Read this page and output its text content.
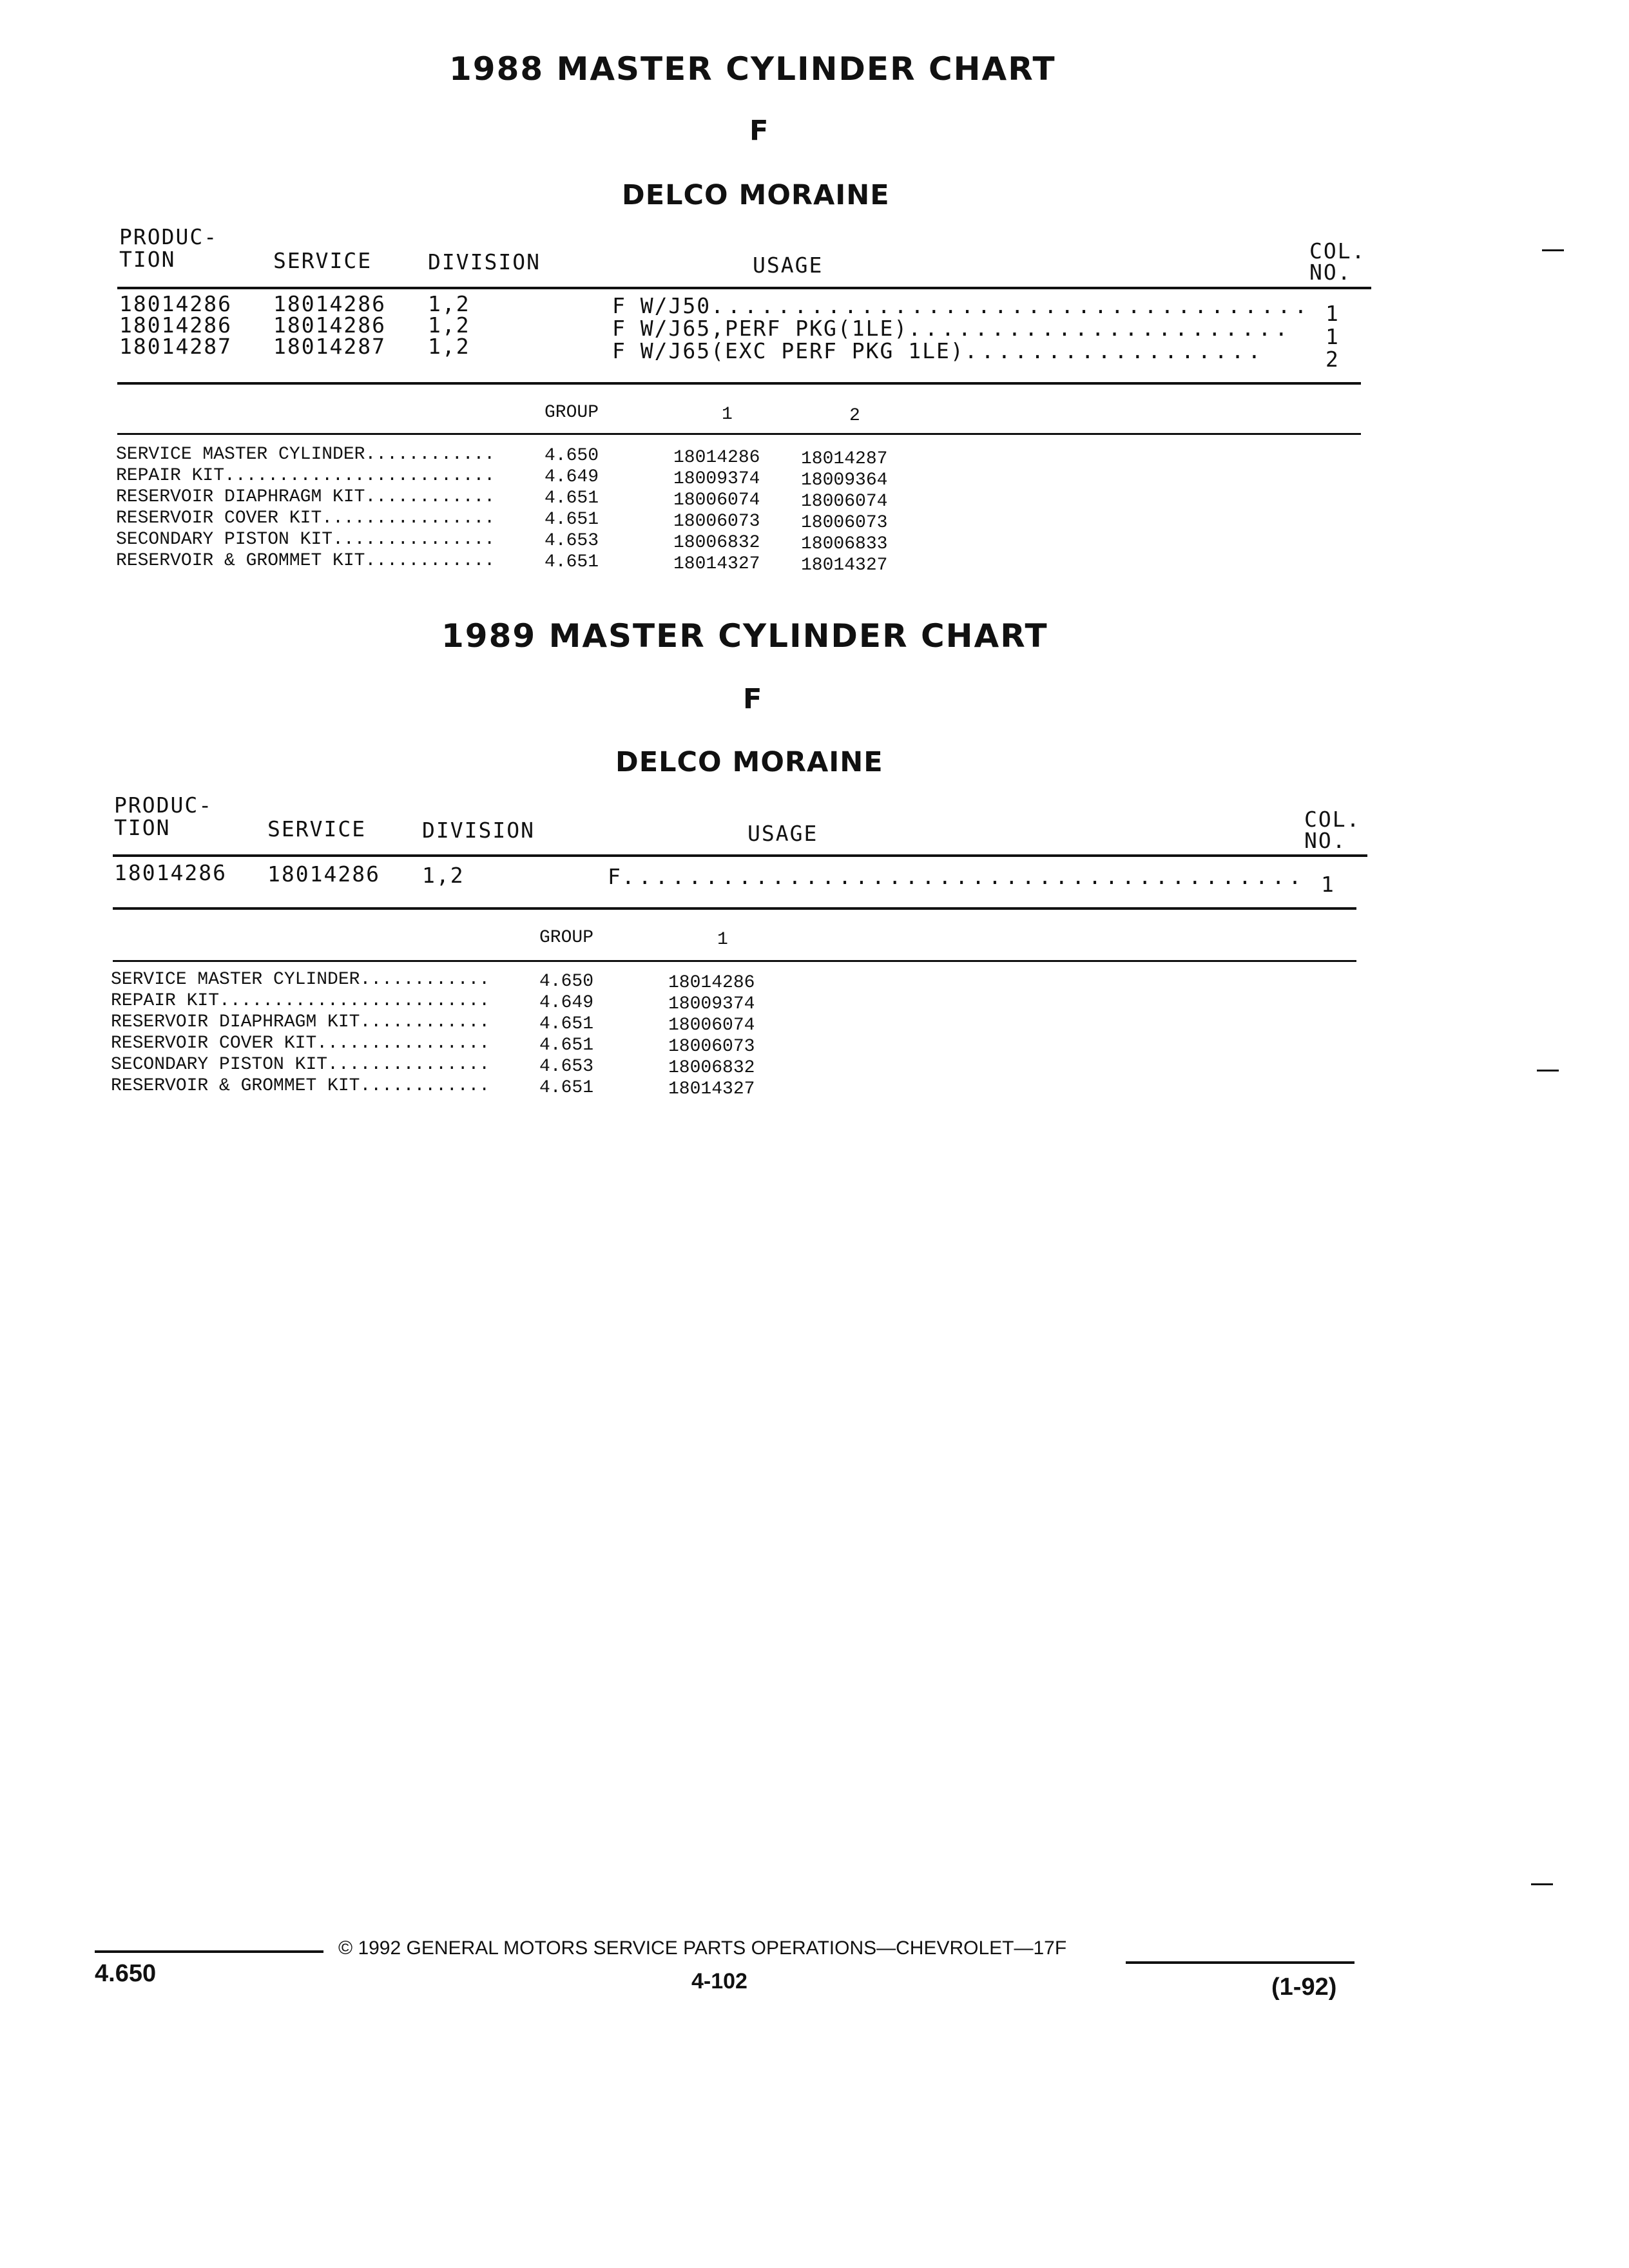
1988 MASTER CYLINDER CHART
F
DELCO MORAINE
PRODUC-
TION	SERVICE	DIVISION	USAGE
COL.
NO.
18014286 18014286 1,2	F W/J50.................................... 1
18014286 18014286 1,2	F W/J65,PERF PKG(1LE)....................... 1
18014287 18014287 1,2	F W/J65(EXC PERF PKG 1LE)..................	2
GROUP	1	2
SERVICE MASTER CYLINDER............	4.650	18014286 18014287
REPAIR KIT.........................	4.649	18009374 18009364
RESERVOIR DIAPHRAGM KIT............	4.651	18006074 18006074
RESERVOIR COVER KIT................	4.651	18006073 18006073
SECONDARY PISTON KIT...............	4.653	18006832 18006833
RESERVOIR & GROMMET KIT............	4.651	18014327 18014327
1989 MASTER CYLINDER CHART
F
DELCO MORAINE
PRODUC-
TION	SERVICE	DIVISION	USAGE
COL.
NO.
18014286 18014286 1,2	F......................................... 1
GROUP	1
SERVICE MASTER CYLINDER............	4.650	18014286
REPAIR KIT.........................	4.649	18009374
RESERVOIR DIAPHRAGM KIT............	4.651	18006074
RESERVOIR COVER KIT................	4.651	18006073
SECONDARY PISTON KIT...............	4.653	18006832
RESERVOIR & GROMMET KIT............	4.651	18014327
© 1992 GENERAL MOTORS SERVICE PARTS OPERATIONS—CHEVROLET—17F
4.650	4-102	(1-92)
